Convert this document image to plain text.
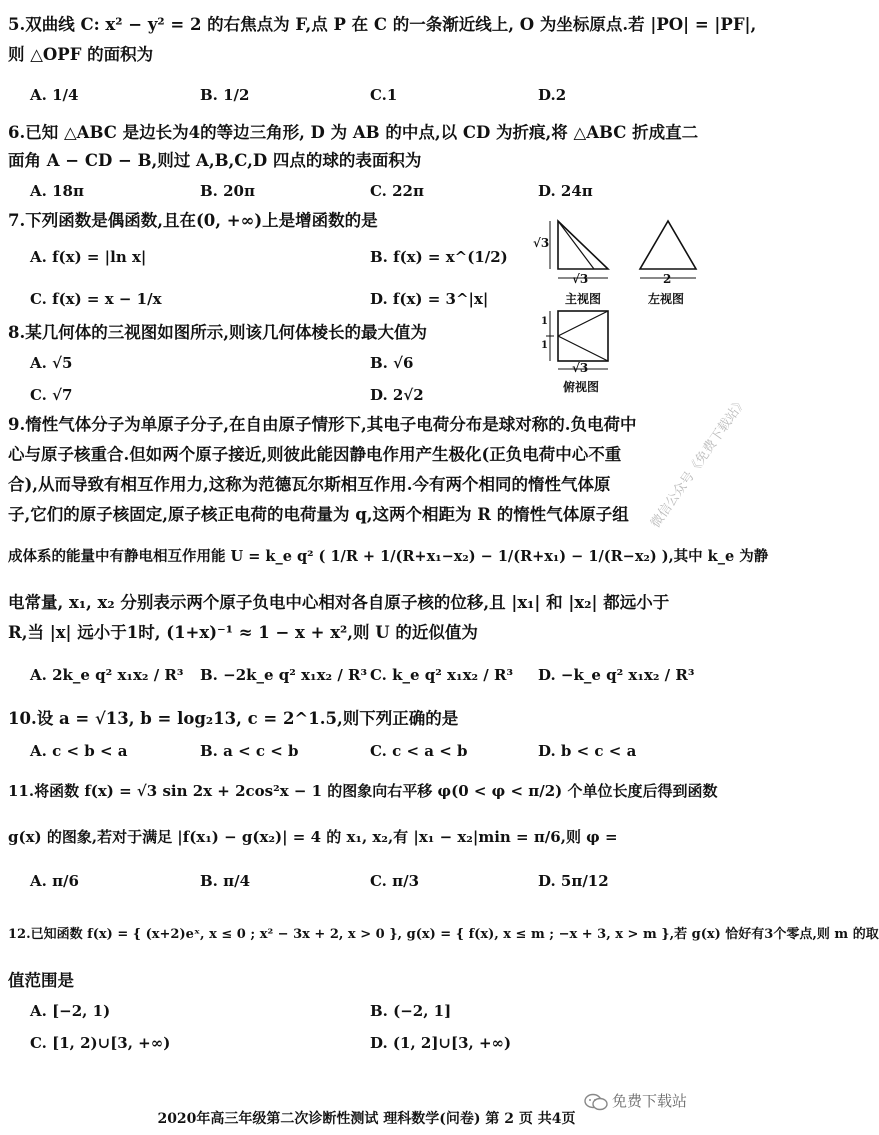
5.双曲线 C: x² − y² = 2 的右焦点为 F,点 P 在 C 的一条渐近线上, O 为坐标原点.若 |PO| = |PF|,
则 △OPF 的面积为
A. 1/4	B. 1/2	C.1	D.2
6.已知 △ABC 是边长为4的等边三角形, D 为 AB 的中点,以 CD 为折痕,将 △ABC 折成直二
面角 A − CD − B,则过 A,B,C,D 四点的球的表面积为
A. 18π	B. 20π	C. 22π	D. 24π
7.下列函数是偶函数,且在(0, +∞)上是增函数的是
A. f(x) = |ln x|	B. f(x) = x^(1/2)
C. f(x) = x − 1/x	D. f(x) = 3^|x|
8.某几何体的三视图如图所示,则该几何体棱长的最大值为
A. √5	B. √6
C. √7	D. 2√2
√3
√3	2
主视图	左视图
1
1
√3
俯视图
9.惰性气体分子为单原子分子,在自由原子情形下,其电子电荷分布是球对称的.负电荷中
心与原子核重合.但如两个原子接近,则彼此能因静电作用产生极化(正负电荷中心不重
合),从而导致有相互作用力,这称为范德瓦尔斯相互作用.今有两个相同的惰性气体原
子,它们的原子核固定,原子核正电荷的电荷量为 q,这两个相距为 R 的惰性气体原子组
成体系的能量中有静电相互作用能 U = k_e q² ( 1/R + 1/(R+x₁−x₂) − 1/(R+x₁) − 1/(R−x₂) ),其中 k_e 为静
电常量, x₁, x₂ 分别表示两个原子负电中心相对各自原子核的位移,且 |x₁| 和 |x₂| 都远小于
R,当 |x| 远小于1时, (1+x)⁻¹ ≈ 1 − x + x²,则 U 的近似值为
A. 2k_e q² x₁x₂ / R³ B. −2k_e q² x₁x₂ / R³ C. k_e q² x₁x₂ / R³ D. −k_e q² x₁x₂ / R³
10.设 a = √13, b = log₂13, c = 2^1.5,则下列正确的是
A. c < b < a	B. a < c < b	C. c < a < b	D. b < c < a
11.将函数 f(x) = √3 sin 2x + 2cos²x − 1 的图象向右平移 φ(0 < φ < π/2) 个单位长度后得到函数
g(x) 的图象,若对于满足 |f(x₁) − g(x₂)| = 4 的 x₁, x₂,有 |x₁ − x₂|min = π/6,则 φ =
A. π/6	B. π/4	C. π/3	D. 5π/12
12.已知函数 f(x) = { (x+2)eˣ, x ≤ 0 ; x² − 3x + 2, x > 0 }, g(x) = { f(x), x ≤ m ; −x + 3, x > m },若 g(x) 恰好有3个零点,则 m 的取
值范围是
A. [−2, 1)	B. (−2, 1]
C. [1, 2)∪[3, +∞)	D. (1, 2]∪[3, +∞)
微信公众号《免费下载站》
免费下载站
2020年高三年级第二次诊断性测试 理科数学(问卷) 第 2 页 共4页
